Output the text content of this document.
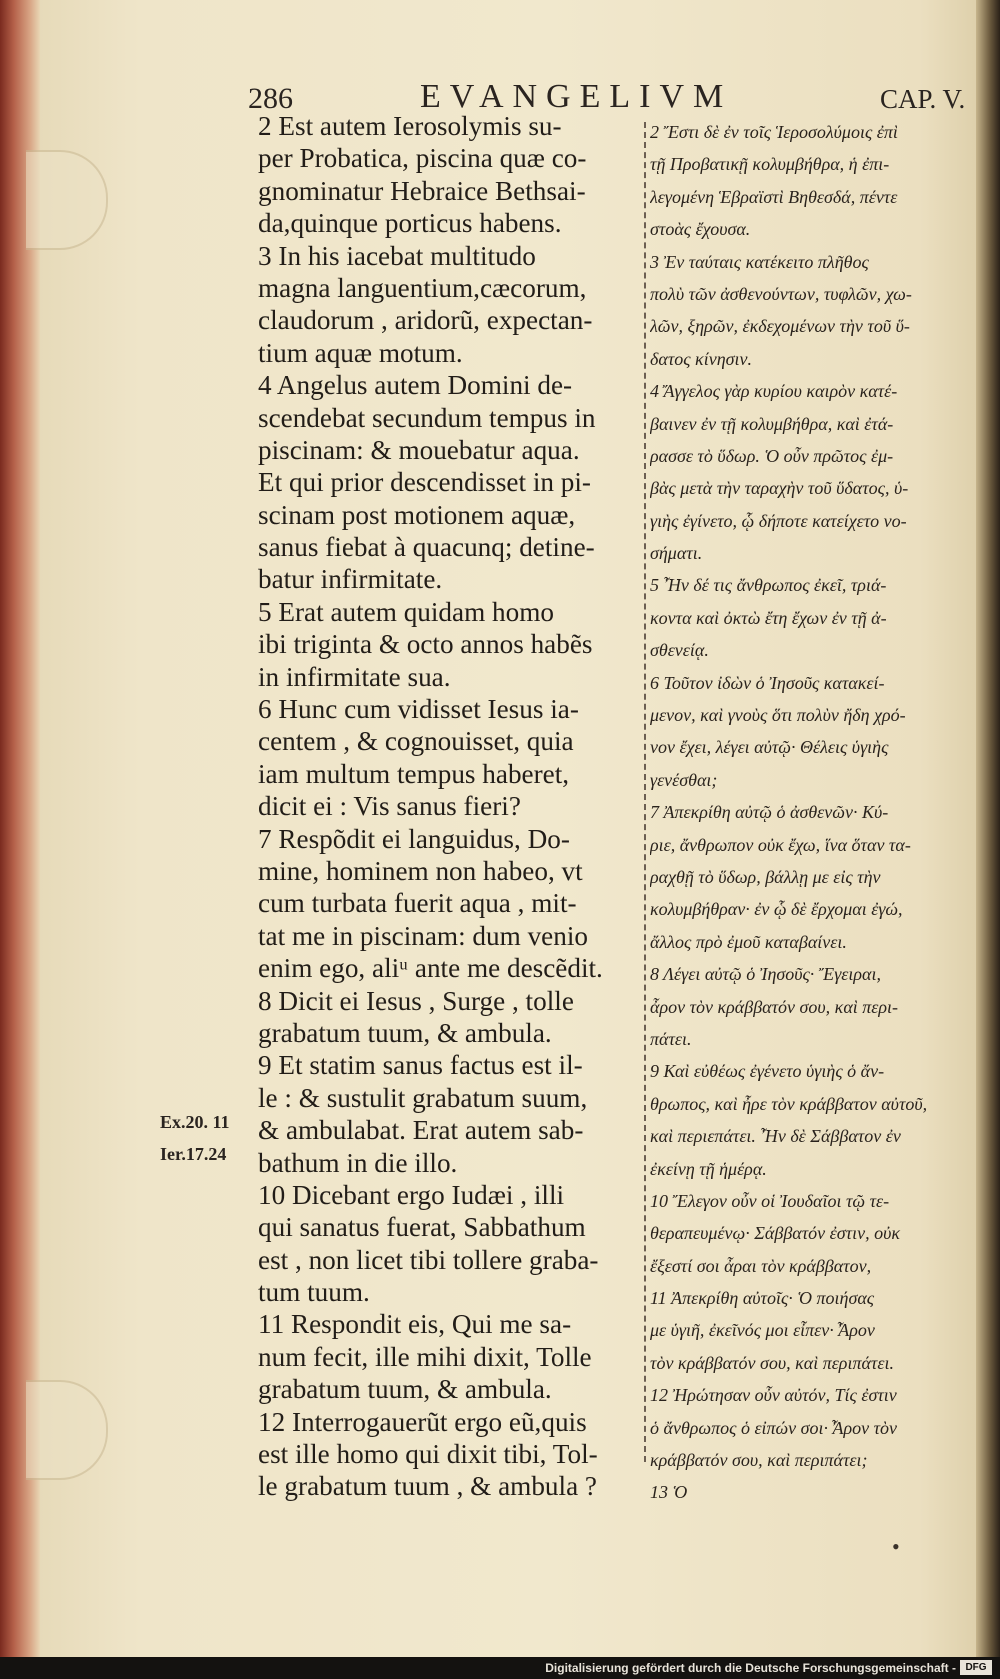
286	EVANGELIVM	CAP. V.
2 Est autem Ierosolymis su-
per Probatica, piscina quæ co-
gnominatur Hebraice Bethsai-
da,quinque porticus habens.
3 In his iacebat multitudo
magna languentium,cæcorum,
claudorum , aridorũ, expectan-
tium aquæ motum.
4 Angelus autem Domini de-
scendebat secundum tempus in
piscinam: & mouebatur aqua.
Et qui prior descendisset in pi-
scinam post motionem aquæ,
sanus fiebat à quacunq; detine-
batur infirmitate.
5 Erat autem quidam homo
ibi triginta & octo annos habẽs
in infirmitate sua.
6 Hunc cum vidisset Iesus ia-
centem , & cognouisset, quia
iam multum tempus haberet,
dicit ei : Vis sanus fieri?
7 Respõdit ei languidus, Do-
mine, hominem non habeo, vt
cum turbata fuerit aqua , mit-
tat me in piscinam: dum venio
enim ego, aliᵘ ante me descẽdit.
8 Dicit ei Iesus , Surge , tolle
grabatum tuum, & ambula.
9 Et statim sanus factus est il-
le : & sustulit grabatum suum,
& ambulabat. Erat autem sab-
bathum in die illo.
10 Dicebant ergo Iudæi , illi
qui sanatus fuerat, Sabbathum
est , non licet tibi tollere graba-
tum tuum.
11 Respondit eis, Qui me sa-
num fecit, ille mihi dixit, Tolle
grabatum tuum, & ambula.
12 Interrogauerũt ergo eũ,quis
est ille homo qui dixit tibi, Tol-
le grabatum tuum , & ambula ?
2 Ἔστι δὲ ἐν τοῖς Ἱεροσολύμοις ἐπὶ
τῇ Προβατικῇ κολυμβήθρα, ἡ ἐπι-
λεγομένη Ἑβραϊστὶ Βηθεσδά, πέντε
στοὰς ἔχουσα.
3 Ἐν ταύταις κατέκειτο πλῆθος
πολὺ τῶν ἀσθενούντων, τυφλῶν, χω-
λῶν, ξηρῶν, ἐκδεχομένων τὴν τοῦ ὕ-
δατος κίνησιν.
4 Ἄγγελος γὰρ κυρίου καιρὸν κατέ-
βαινεν ἐν τῇ κολυμβήθρα, καὶ ἐτά-
ρασσε τὸ ὕδωρ. Ὁ οὖν πρῶτος ἐμ-
βὰς μετὰ τὴν ταραχὴν τοῦ ὕδατος, ὑ-
γιὴς ἐγίνετο, ᾧ δήποτε κατείχετο νο-
σήματι.
5 Ἦν δέ τις ἄνθρωπος ἐκεῖ, τριά-
κοντα καὶ ὀκτὼ ἔτη ἔχων ἐν τῇ ἀ-
σθενείᾳ.
6 Τοῦτον ἰδὼν ὁ Ἰησοῦς κατακεί-
μενον, καὶ γνοὺς ὅτι πολὺν ἤδη χρό-
νον ἔχει, λέγει αὐτῷ· Θέλεις ὑγιὴς
γενέσθαι;
7 Ἀπεκρίθη αὐτῷ ὁ ἀσθενῶν· Κύ-
ριε, ἄνθρωπον οὐκ ἔχω, ἵνα ὅταν τα-
ραχθῇ τὸ ὕδωρ, βάλλῃ με εἰς τὴν
κολυμβήθραν· ἐν ᾧ δὲ ἔρχομαι ἐγώ,
ἄλλος πρὸ ἐμοῦ καταβαίνει.
8 Λέγει αὐτῷ ὁ Ἰησοῦς· Ἔγειραι,
ἆρον τὸν κράββατόν σου, καὶ περι-
πάτει.
9 Καὶ εὐθέως ἐγένετο ὑγιὴς ὁ ἄν-
θρωπος, καὶ ἦρε τὸν κράββατον αὐτοῦ,
καὶ περιεπάτει. Ἦν δὲ Σάββατον ἐν
ἐκείνῃ τῇ ἡμέρᾳ.
10 Ἔλεγον οὖν οἱ Ἰουδαῖοι τῷ τε-
θεραπευμένῳ· Σάββατόν ἐστιν, οὐκ
ἔξεστί σοι ἆραι τὸν κράββατον,
11 Ἀπεκρίθη αὐτοῖς· Ὁ ποιήσας
με ὑγιῆ, ἐκεῖνός μοι εἶπεν· Ἆρον
τὸν κράββατόν σου, καὶ περιπάτει.
12 Ἠρώτησαν οὖν αὐτόν, Τίς ἐστιν
ὁ ἄνθρωπος ὁ εἰπών σοι· Ἆρον τὸν
κράββατόν σου, καὶ περιπάτει;
13 Ὁ
Ex.20. 11
Ier.17.24
•
Digitalisierung gefördert durch die Deutsche Forschungsgemeinschaft - DFG
